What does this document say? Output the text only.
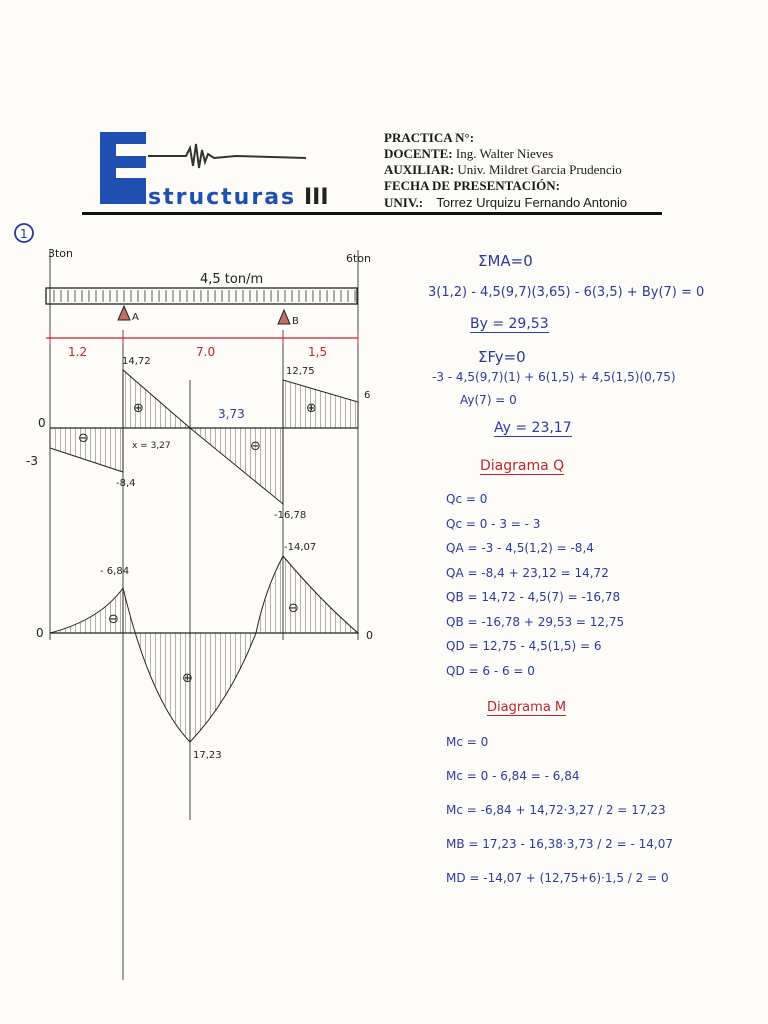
structuras III
PRACTICA N°:
DOCENTE: Ing. Walter Nieves
AUXILIAR: Univ. Mildret Garcia Prudencio
FECHA DE PRESENTACIÓN:
UNIV.: Torrez Urquizu Fernando Antonio
1
3ton	6ton
4,5 ton/m
A	B
1.2	7.0	1,5
0
-3
-8,4
14,72
-16,78
12,75
6
x = 3,27
3,73
⊖
⊕
⊖
⊕
0	0
- 6,84
17,23
-14,07
⊖
⊕
⊖
ΣMA=0
3(1,2) - 4,5(9,7)(3,65) - 6(3,5) + By(7) = 0
By = 29,53
ΣFy=0
-3 - 4,5(9,7)(1) + 6(1,5) + 4,5(1,5)(0,75)
Ay(7) = 0
Ay = 23,17
Diagrama Q
Qc = 0
Qc = 0 - 3 = - 3
QA = -3 - 4,5(1,2) = -8,4
QA = -8,4 + 23,12 = 14,72
QB = 14,72 - 4,5(7) = -16,78
QB = -16,78 + 29,53 = 12,75
QD = 12,75 - 4,5(1,5) = 6
QD = 6 - 6 = 0
Diagrama M
Mc = 0
Mc = 0 - 6,84 = - 6,84
Mc = -6,84 + 14,72·3,27 / 2 = 17,23
MB = 17,23 - 16,38·3,73 / 2 = - 14,07
MD = -14,07 + (12,75+6)·1,5 / 2 = 0
